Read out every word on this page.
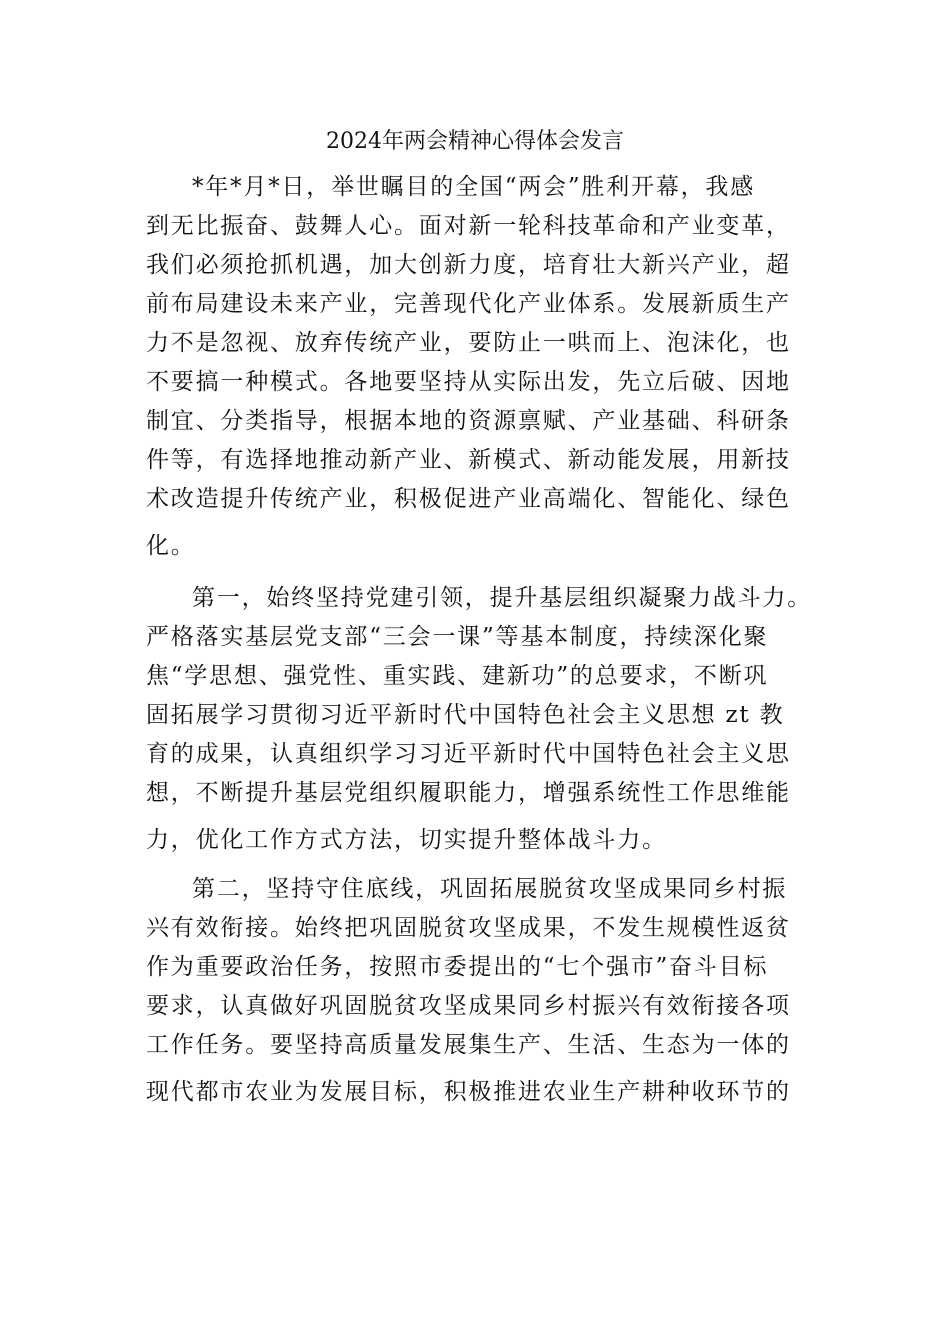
2024年两会精神心得体会发言
*年*月*日，举世瞩目的全国“两会”胜利开幕，我感
到无比振奋、鼓舞人心。面对新一轮科技革命和产业变革，
我们必须抢抓机遇，加大创新力度，培育壮大新兴产业，超
前布局建设未来产业，完善现代化产业体系。发展新质生产
力不是忽视、放弃传统产业，要防止一哄而上、泡沫化，也
不要搞一种模式。各地要坚持从实际出发，先立后破、因地
制宜、分类指导，根据本地的资源禀赋、产业基础、科研条
件等，有选择地推动新产业、新模式、新动能发展，用新技
术改造提升传统产业，积极促进产业高端化、智能化、绿色
化。
第一，始终坚持党建引领，提升基层组织凝聚力战斗力。
严格落实基层党支部“三会一课”等基本制度，持续深化聚
焦“学思想、强党性、重实践、建新功”的总要求，不断巩
固拓展学习贯彻习近平新时代中国特色社会主义思想 zt 教
育的成果，认真组织学习习近平新时代中国特色社会主义思
想，不断提升基层党组织履职能力，增强系统性工作思维能
力，优化工作方式方法，切实提升整体战斗力。
第二，坚持守住底线，巩固拓展脱贫攻坚成果同乡村振
兴有效衔接。始终把巩固脱贫攻坚成果，不发生规模性返贫
作为重要政治任务，按照市委提出的“七个强市”奋斗目标
要求，认真做好巩固脱贫攻坚成果同乡村振兴有效衔接各项
工作任务。要坚持高质量发展集生产、生活、生态为一体的
现代都市农业为发展目标，积极推进农业生产耕种收环节的
